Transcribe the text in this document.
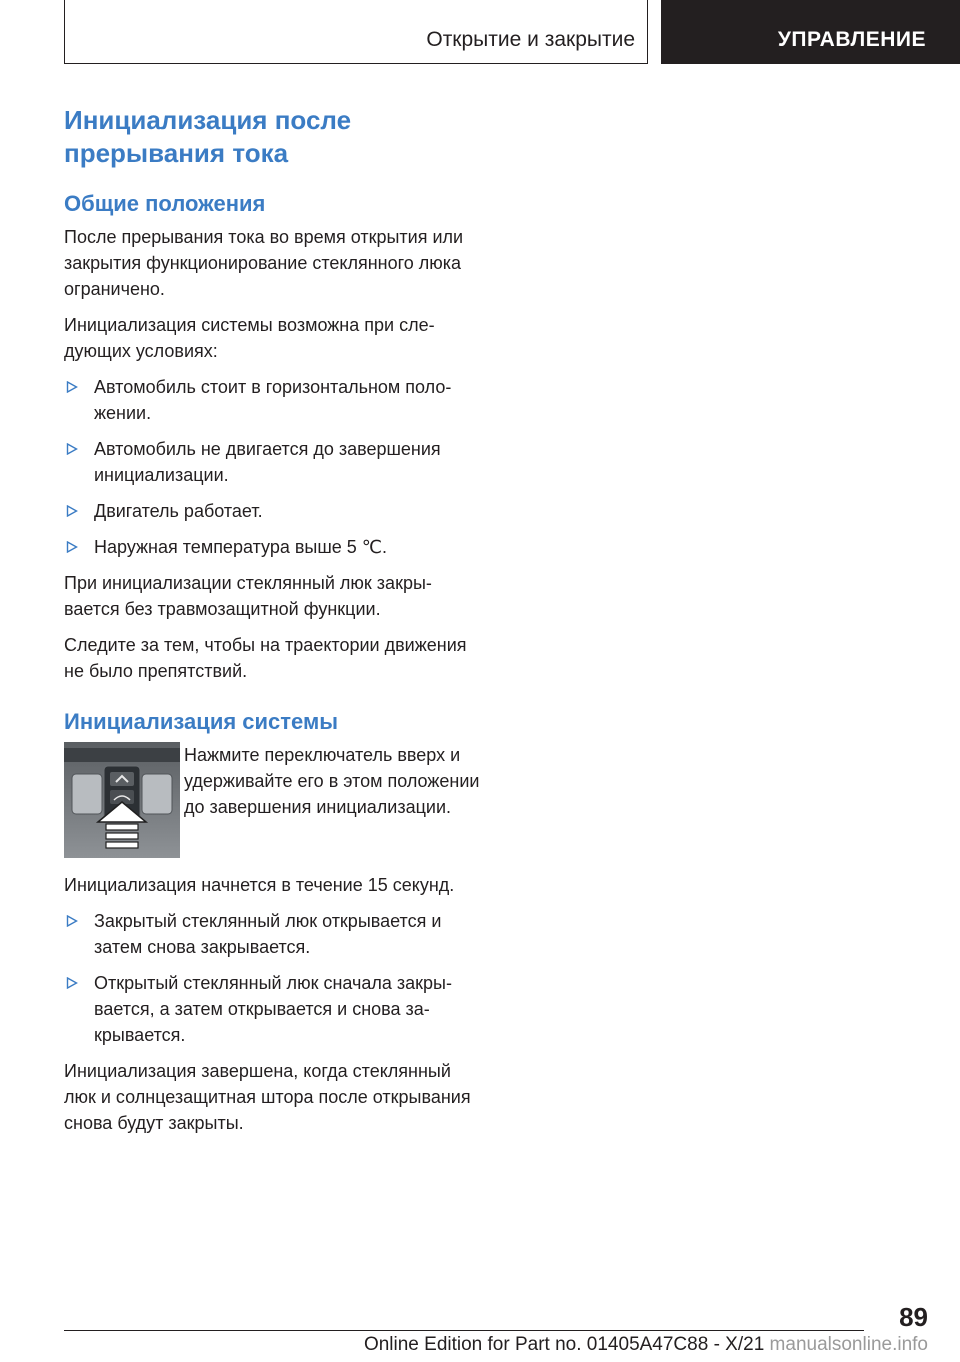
Открытие и закрытие	УПРАВЛЕНИЕ
Инициализация после прерывания тока
Общие положения

После прерывания тока во время открытия или закрытия функционирование стеклянного люка ограничено.

Инициализация системы возможна при следующих условиях:

Автомобиль стоит в горизонтальном положении.
Автомобиль не двигается до завершения инициализации.
Двигатель работает.
Наружная температура выше 5 ℃.

При инициализации стеклянный люк закрывается без травмозащитной функции.

Следите за тем, чтобы на траектории движения не было препятствий.

Инициализация системы

Нажмите переключатель вверх и удерживайте его в этом положении до завершения инициализации.

Инициализация начнется в течение 15 секунд.

Закрытый стеклянный люк открывается и затем снова закрывается.
Открытый стеклянный люк сначала закрывается, а затем открывается и снова закрывается.

Инициализация завершена, когда стеклянный люк и солнцезащитная штора после открывания снова будут закрыты.

89
Online Edition for Part no. 01405A47C88 - X/21 manualsonline.info
